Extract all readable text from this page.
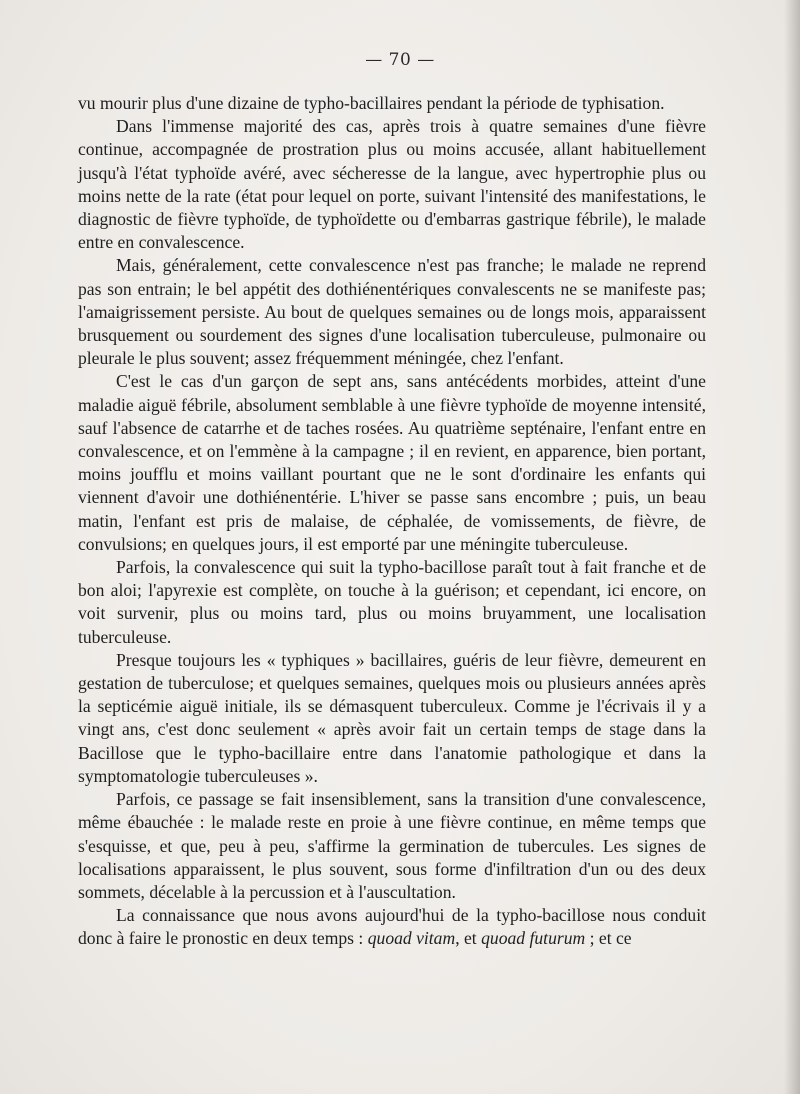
— 70 —

vu mourir plus d'une dizaine de typho-bacillaires pendant la période de typhisation.

Dans l'immense majorité des cas, après trois à quatre semaines d'une fièvre continue, accompagnée de prostration plus ou moins accusée, allant habituellement jusqu'à l'état typhoïde avéré, avec sécheresse de la langue, avec hypertrophie plus ou moins nette de la rate (état pour lequel on porte, suivant l'intensité des manifestations, le diagnostic de fièvre typhoïde, de typhoïdette ou d'embarras gastrique fébrile), le malade entre en convalescence.

Mais, généralement, cette convalescence n'est pas franche; le malade ne reprend pas son entrain; le bel appétit des dothiénentériques convalescents ne se manifeste pas; l'amaigrissement persiste. Au bout de quelques semaines ou de longs mois, apparaissent brusquement ou sourdement des signes d'une localisation tuberculeuse, pulmonaire ou pleurale le plus souvent; assez fréquemment méningée, chez l'enfant.

C'est le cas d'un garçon de sept ans, sans antécédents morbides, atteint d'une maladie aiguë fébrile, absolument semblable à une fièvre typhoïde de moyenne intensité, sauf l'absence de catarrhe et de taches rosées. Au quatrième septénaire, l'enfant entre en convalescence, et on l'emmène à la campagne ; il en revient, en apparence, bien portant, moins joufflu et moins vaillant pourtant que ne le sont d'ordinaire les enfants qui viennent d'avoir une dothiénentérie. L'hiver se passe sans encombre ; puis, un beau matin, l'enfant est pris de malaise, de céphalée, de vomissements, de fièvre, de convulsions; en quelques jours, il est emporté par une méningite tuberculeuse.

Parfois, la convalescence qui suit la typho-bacillose paraît tout à fait franche et de bon aloi; l'apyrexie est complète, on touche à la guérison; et cependant, ici encore, on voit survenir, plus ou moins tard, plus ou moins bruyamment, une localisation tuberculeuse.

Presque toujours les « typhiques » bacillaires, guéris de leur fièvre, demeurent en gestation de tuberculose; et quelques semaines, quelques mois ou plusieurs années après la septicémie aiguë initiale, ils se démasquent tuberculeux. Comme je l'écrivais il y a vingt ans, c'est donc seulement « après avoir fait un certain temps de stage dans la Bacillose que le typho-bacillaire entre dans l'anatomie pathologique et dans la symptomatologie tuberculeuses ».

Parfois, ce passage se fait insensiblement, sans la transition d'une convalescence, même ébauchée : le malade reste en proie à une fièvre continue, en même temps que s'esquisse, et que, peu à peu, s'affirme la germination de tubercules. Les signes de localisations apparaissent, le plus souvent, sous forme d'infiltration d'un ou des deux sommets, décelable à la percussion et à l'auscultation.

La connaissance que nous avons aujourd'hui de la typho-bacillose nous conduit donc à faire le pronostic en deux temps : quoad vitam, et quoad futurum ; et ce
